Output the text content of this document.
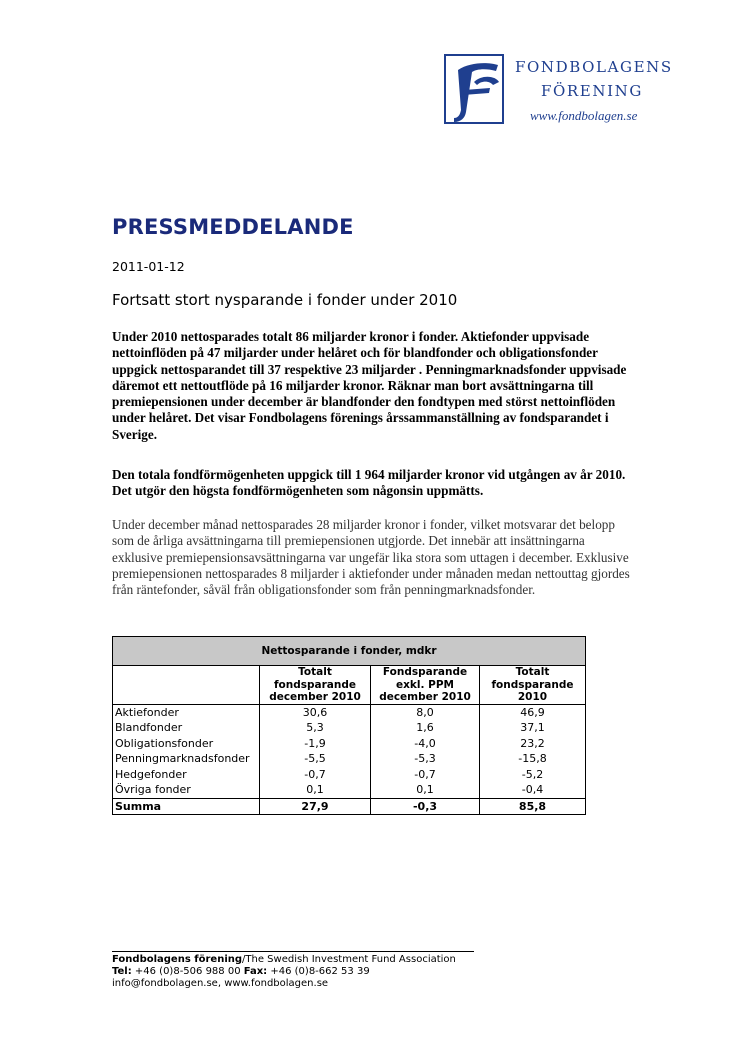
FONDBOLAGENS
FÖRENING
www.fondbolagen.se
PRESSMEDDELANDE
2011-01-12
Fortsatt stort nysparande i fonder under 2010

Under 2010 nettosparades totalt 86 miljarder kronor i fonder. Aktiefonder uppvisade nettoinflöden på 47 miljarder under helåret och för blandfonder och obligationsfonder uppgick nettosparandet till 37 respektive 23 miljarder . Penningmarknadsfonder uppvisade däremot ett nettoutflöde på 16 miljarder kronor. Räknar man bort avsättningarna till premiepensionen under december är blandfonder den fondtypen med störst nettoinflöden under helåret. Det visar Fondbolagens förenings årssammanställning av fondsparandet i Sverige.

Den totala fondförmögenheten uppgick till 1 964 miljarder kronor vid utgången av år 2010. Det utgör den högsta fondförmögenheten som någonsin uppmätts.

Under december månad nettosparades 28 miljarder kronor i fonder, vilket motsvarar det belopp som de årliga avsättningarna till premiepensionen utgjorde. Det innebär att insättningarna exklusive premiepensionsavsättningarna var ungefär lika stora som uttagen i december. Exklusive premiepensionen nettosparades 8 miljarder i aktiefonder under månaden medan nettouttag gjordes från räntefonder, såväl från obligationsfonder som från penningmarknadsfonder.

Nettosparande i fonder, mdkr			
	Totalt fondsparande december 2010	Fondsparande exkl. PPM december 2010	Totalt fondsparande 2010
Aktiefonder	30,6	8,0	46,9
Blandfonder	5,3	1,6	37,1
Obligationsfonder	-1,9	-4,0	23,2
Penningmarknadsfonder	-5,5	-5,3	-15,8
Hedgefonder	-0,7	-0,7	-5,2
Övriga fonder	0,1	0,1	-0,4
Summa	27,9	-0,3	85,8
Fondbolagens förening/The Swedish Investment Fund Association
Tel: +46 (0)8-506 988 00 Fax: +46 (0)8-662 53 39
info@fondbolagen.se, www.fondbolagen.se
